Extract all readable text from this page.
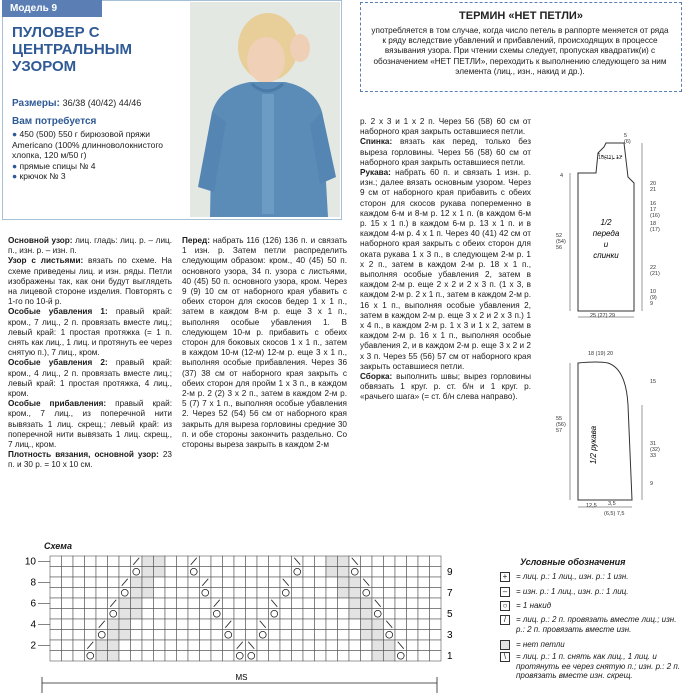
Модель 9
ПУЛОВЕР С ЦЕНТРАЛЬНЫМ УЗОРОМ
Размеры: 36/38 (40/42) 44/46
Вам потребуется
● 450 (500) 550 г бирюзовой пряжи Americano (100% длинноволокнистого хлопка, 120 м/50 г)
● прямые спицы № 4
● крючок № 3
ТЕРМИН «НЕТ ПЕТЛИ»
употребляется в том случае, когда число петель в раппорте меняется от ряда к ряду вследствие убавлений и прибавлений, происходящих в процессе вязывания узора. При чтении схемы следует, пропуская квадратик(и) с обозначением «НЕТ ПЕТЛИ», переходить к выполнению следующего за ним элемента (лиц., изн., накид и др.).

Основной узор: лиц. гладь: лиц. р. – лиц. п., изн. р. – изн. п.

Узор с листьями: вязать по схеме. На схеме приведены лиц. и изн. ряды. Петли изображены так, как они будут выглядеть на лицевой стороне изделия. Повторять с 1-го по 10-й р.

Особые убавления 1: правый край: кром., 7 лиц., 2 п. провязать вместе лиц.; левый край: 1 простая протяжка (= 1 п. снять как лиц., 1 лиц. и протянуть ее через снятую п.), 7 лиц., кром.

Особые убавления 2: правый край: кром., 4 лиц., 2 п. провязать вместе лиц.; левый край: 1 простая протяжка, 4 лиц., кром.

Особые прибавления: правый край: кром., 7 лиц., из поперечной нити вывязать 1 лиц. скрещ.; левый край: из поперечной нити вывязать 1 лиц. скрещ., 7 лиц., кром.

Плотность вязания, основной узор: 23 п. и 30 р. = 10 х 10 см.

Перед: набрать 116 (126) 136 п. и связать 1 изн. р. Затем петли распределить следующим образом: кром., 40 (45) 50 п. основного узора, 34 п. узора с листьями, 40 (45) 50 п. основного узора, кром. Через 9 (9) 10 см от наборного края убавить с обеих сторон для скосов бедер 1 х 1 п., затем в каждом 8-м р. еще 3 х 1 п., выполняя особые убавления 1. В следующем 10-м р. прибавить с обеих сторон для боковых скосов 1 х 1 п., затем в каждом 10-м (12-м) 12-м р. еще 3 х 1 п., выполняя особые прибавления. Через 36 (37) 38 см от наборного края закрыть с обеих сторон для пройм 1 х 3 п., в каждом 2-м р. 2 (2) 3 х 2 п., затем в каждом 2-м р. 5 (7) 7 х 1 п., выполняя особые убавления 2. Через 52 (54) 56 см от наборного края закрыть для выреза горловины средние 30 п. и обе стороны закончить раздельно. Со стороны выреза закрыть в каждом 2-м

р. 2 х 3 и 1 х 2 п. Через 56 (58) 60 см от наборного края закрыть оставшиеся петли.

Спинка: вязать как перед, только без выреза горловины. Через 56 (58) 60 см от наборного края закрыть оставшиеся петли.

Рукава: набрать 60 п. и связать 1 изн. р. изн.; далее вязать основным узором. Через 9 см от наборного края прибавить с обеих сторон для скосов рукава попеременно в каждом 6-м и 8-м р. 12 х 1 п. (в каждом 6-м р. 15 х 1 п.) в каждом 6-м р. 13 х 1 п. и в каждом 4-м р. 4 х 1 п. Через 40 (41) 42 см от наборного края закрыть с обеих сторон для оката рукава 1 х 3 п., в следующем 2-м р. 1 х 2 п., затем в каждом 2-м р. 18 х 1 п., выполняя особые убавления 2, затем в каждом 2-м р. еще 2 х 2 и 2 х 3 п. (1 х 3, в каждом 2-м р. 2 х 1 п., затем в каждом 2-м р. 16 х 1 п., выполняя особые убавления 2, затем в каждом 2-м р. еще 3 х 2 и 2 х 3 п.) 1 х 4 п., в каждом 2-м р. 1 х 3 и 1 х 2, затем в каждом 2-м р. 16 х 1 п., выполняя особые убавления 2, и в каждом 2-м р. еще 3 х 2 и 2 х 3 п. Через 55 (56) 57 см от наборного края закрыть оставшиеся петли.

Сборка: выполнить швы; вырез горловины обвязать 1 круг. р. ст. б/н и 1 круг. р. «рачьего шага» (= ст. б/н слева направо).

1/2 переда и спинки
5
(6)
10 (11) 12
20
21
16
17
(16)
18
(17)
22
(21)
4
52
(54)
56
10
(9)
9
25 (27) 29
1/2 рукава
18 (19) 20
15
55
(56)
57
31
(32)
33
9
12,5 3,5
(6,5) 7,5
Схема
10
8
6
4
2
9
7
5
3
1
MS
Условные обозначения
+	= лиц. р.: 1 лиц., изн. р.: 1 изн.
–	= изн. р.: 1 лиц., изн. р.: 1 лиц.
○	= 1 накид
/	= лиц. р.: 2 п. провязать вместе лиц.; изн. р.: 2 п. провязать вместе изн.
= нет петли
\	= лиц. р.: 1 п. снять как лиц., 1 лиц. и протянуть ее через снятую п.; изн. р.: 2 п. провязать вместе изн. скрещ.
